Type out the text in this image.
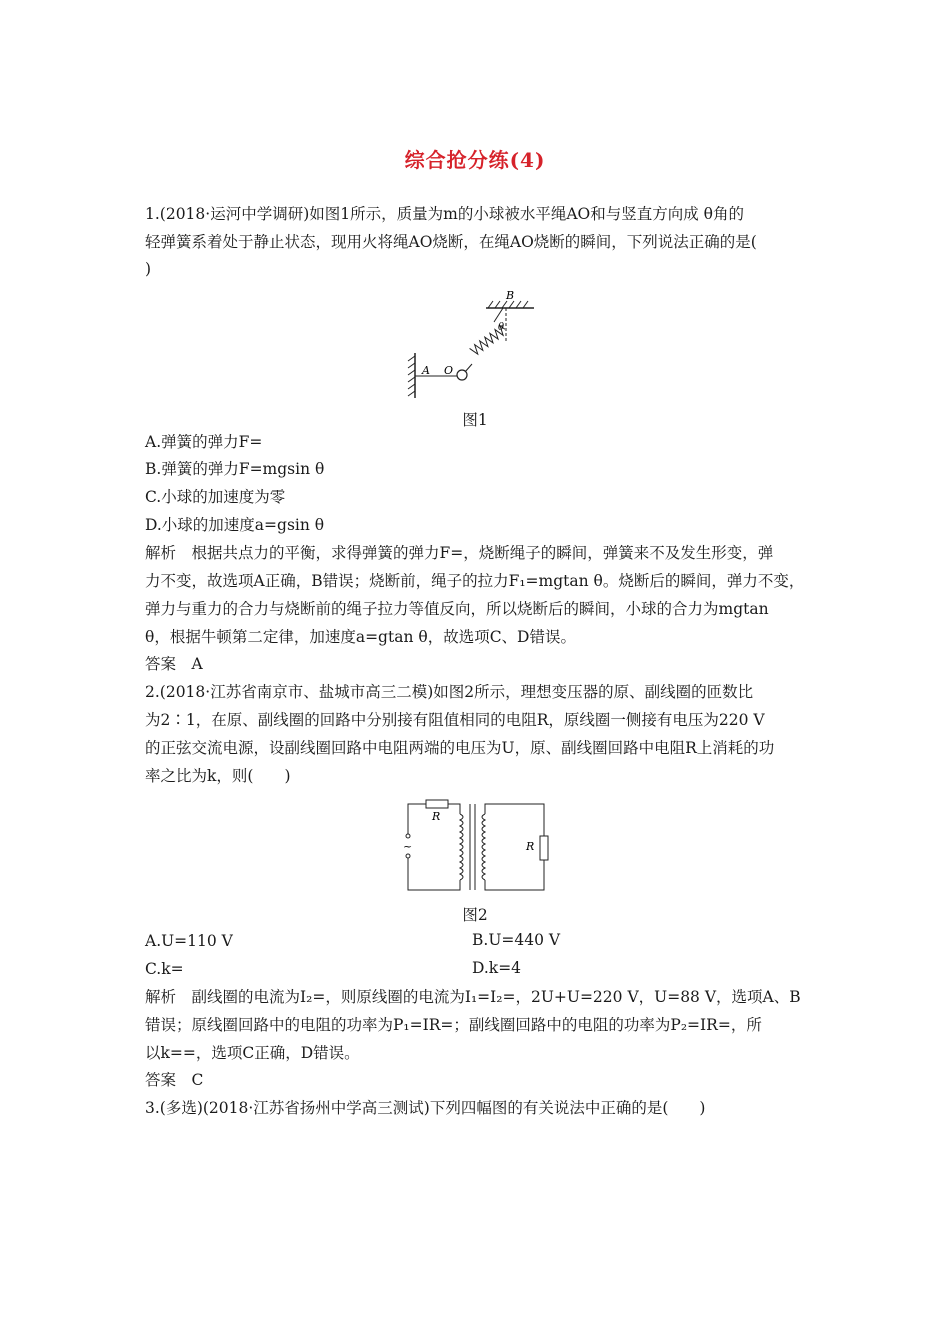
综合抢分练(4)
1.(2018·运河中学调研)如图1所示，质量为m的小球被水平绳AO和与竖直方向成 θ角的
轻弹簧系着处于静止状态，现用火将绳AO烧断，在绳AO烧断的瞬间，下列说法正确的是(
)
A O
B
θ
图1
A.弹簧的弹力F=
B.弹簧的弹力F=mgsin θ
C.小球的加速度为零
D.小球的加速度a=gsin θ
解析　根据共点力的平衡，求得弹簧的弹力F=，烧断绳子的瞬间，弹簧来不及发生形变，弹
力不变，故选项A正确，B错误；烧断前，绳子的拉力F₁=mgtan θ。烧断后的瞬间，弹力不变，
弹力与重力的合力与烧断前的绳子拉力等值反向，所以烧断后的瞬间，小球的合力为mgtan
θ，根据牛顿第二定律，加速度a=gtan θ，故选项C、D错误。
答案　A
2.(2018·江苏省南京市、盐城市高三二模)如图2所示，理想变压器的原、副线圈的匝数比
为2∶1，在原、副线圈的回路中分别接有阻值相同的电阻R，原线圈一侧接有电压为220 V
的正弦交流电源，设副线圈回路中电阻两端的电压为U，原、副线圈回路中电阻R上消耗的功
率之比为k，则(　　)
~
R
R
图2
A.U=110 V	B.U=440 V
C.k=	D.k=4
解析　副线圈的电流为I₂=，则原线圈的电流为I₁=I₂=，2U+U=220 V，U=88 V，选项A、B
错误；原线圈回路中的电阻的功率为P₁=IR=；副线圈回路中的电阻的功率为P₂=IR=，所
以k==，选项C正确，D错误。
答案　C
3.(多选)(2018·江苏省扬州中学高三测试)下列四幅图的有关说法中正确的是(　　)
